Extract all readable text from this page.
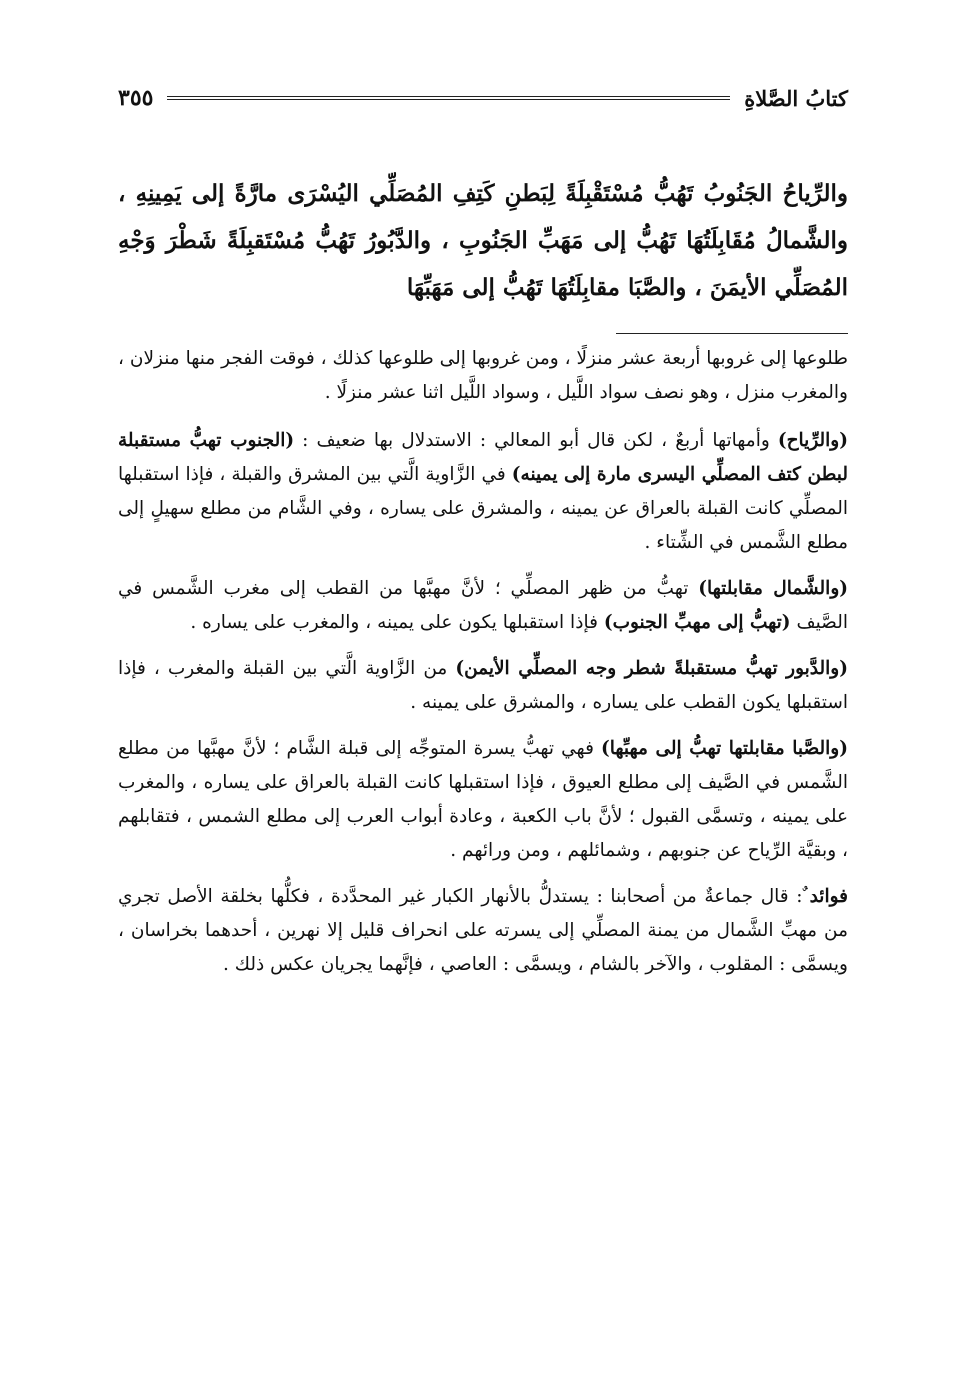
كتابُ الصَّلاةِ
٣٥٥
والرِّياحُ الجَنُوبُ تَهُبُّ مُسْتَقْبِلَةً لِبَطنِ كَتِفِ المُصَلِّي اليُسْرَى مارَّةً إلى يَمِينِهِ ، والشَّمالُ مُقَابِلَتُهَا تَهُبُّ إلى مَهَبِّ الجَنُوبِ ، والدَّبُورُ تَهُبُّ مُسْتَقبِلَةً شَطْرَ وَجْهِ المُصَلِّي الأيمَنَ ، والصَّبَا مقابِلَتُهَا تَهُبُّ إلى مَهَبِّهَا

طلوعها إلى غروبها أربعة عشر منزلًا ، ومن غروبها إلى طلوعها كذلك ، فوقت الفجر منها منزلان ، والمغرب منزل ، وهو نصف سواد اللَّيل ، وسواد اللَّيل اثنا عشر منزلًا .

(والرِّياح) وأمهاتها أربعٌ ، لكن قال أبو المعالي : الاستدلال بها ضعيف : (الجنوب تهبُّ مستقبلة لبطن كتف المصلِّي اليسرى مارة إلى يمينه) في الزَّاوية الَّتي بين المشرق والقبلة ، فإذا استقبلها المصلِّي كانت القبلة بالعراق عن يمينه ، والمشرق على يساره ، وفي الشَّام من مطلع سهيلٍ إلى مطلع الشَّمس في الشِّتاء .

(والشَّمال مقابلتها) تهبُّ من ظهر المصلِّي ؛ لأنَّ مهبَّها من القطب إلى مغرب الشَّمس في الصَّيف (تهبُّ إلى مهبِّ الجنوب) فإذا استقبلها يكون على يمينه ، والمغرب على يساره .

(والدَّبور تهبُّ مستقبلةً شطر وجه المصلِّي الأيمن) من الزَّاوية الَّتي بين القبلة والمغرب ، فإذا استقبلها يكون القطب على يساره ، والمشرق على يمينه .

(والصَّبا مقابلتها تهبُّ إلى مهبِّها) فهي تهبُّ يسرة المتوجِّه إلى قبلة الشَّام ؛ لأنَّ مهبَّها من مطلع الشَّمس في الصَّيف إلى مطلع العيوق ، فإذا استقبلها كانت القبلة بالعراق على يساره ، والمغرب على يمينه ، وتسمَّى القبول ؛ لأنَّ باب الكعبة ، وعادة أبواب العرب إلى مطلع الشمس ، فتقابلهم ، وبقيَّة الرِّياح عن جنوبهم ، وشمائلهم ، ومن ورائهم .

فوائد ٌ: قال جماعةٌ من أصحابنا : يستدلُّ بالأنهار الكبار غير المحدَّدة ، فكلُّها بخلقة الأصل تجري من مهبِّ الشَّمال من يمنة المصلِّي إلى يسرته على انحراف قليل إلا نهرين ، أحدهما بخراسان ، ويسمَّى : المقلوب ، والآخر بالشام ، ويسمَّى : العاصي ، فإنَّهما يجريان عكس ذلك .
